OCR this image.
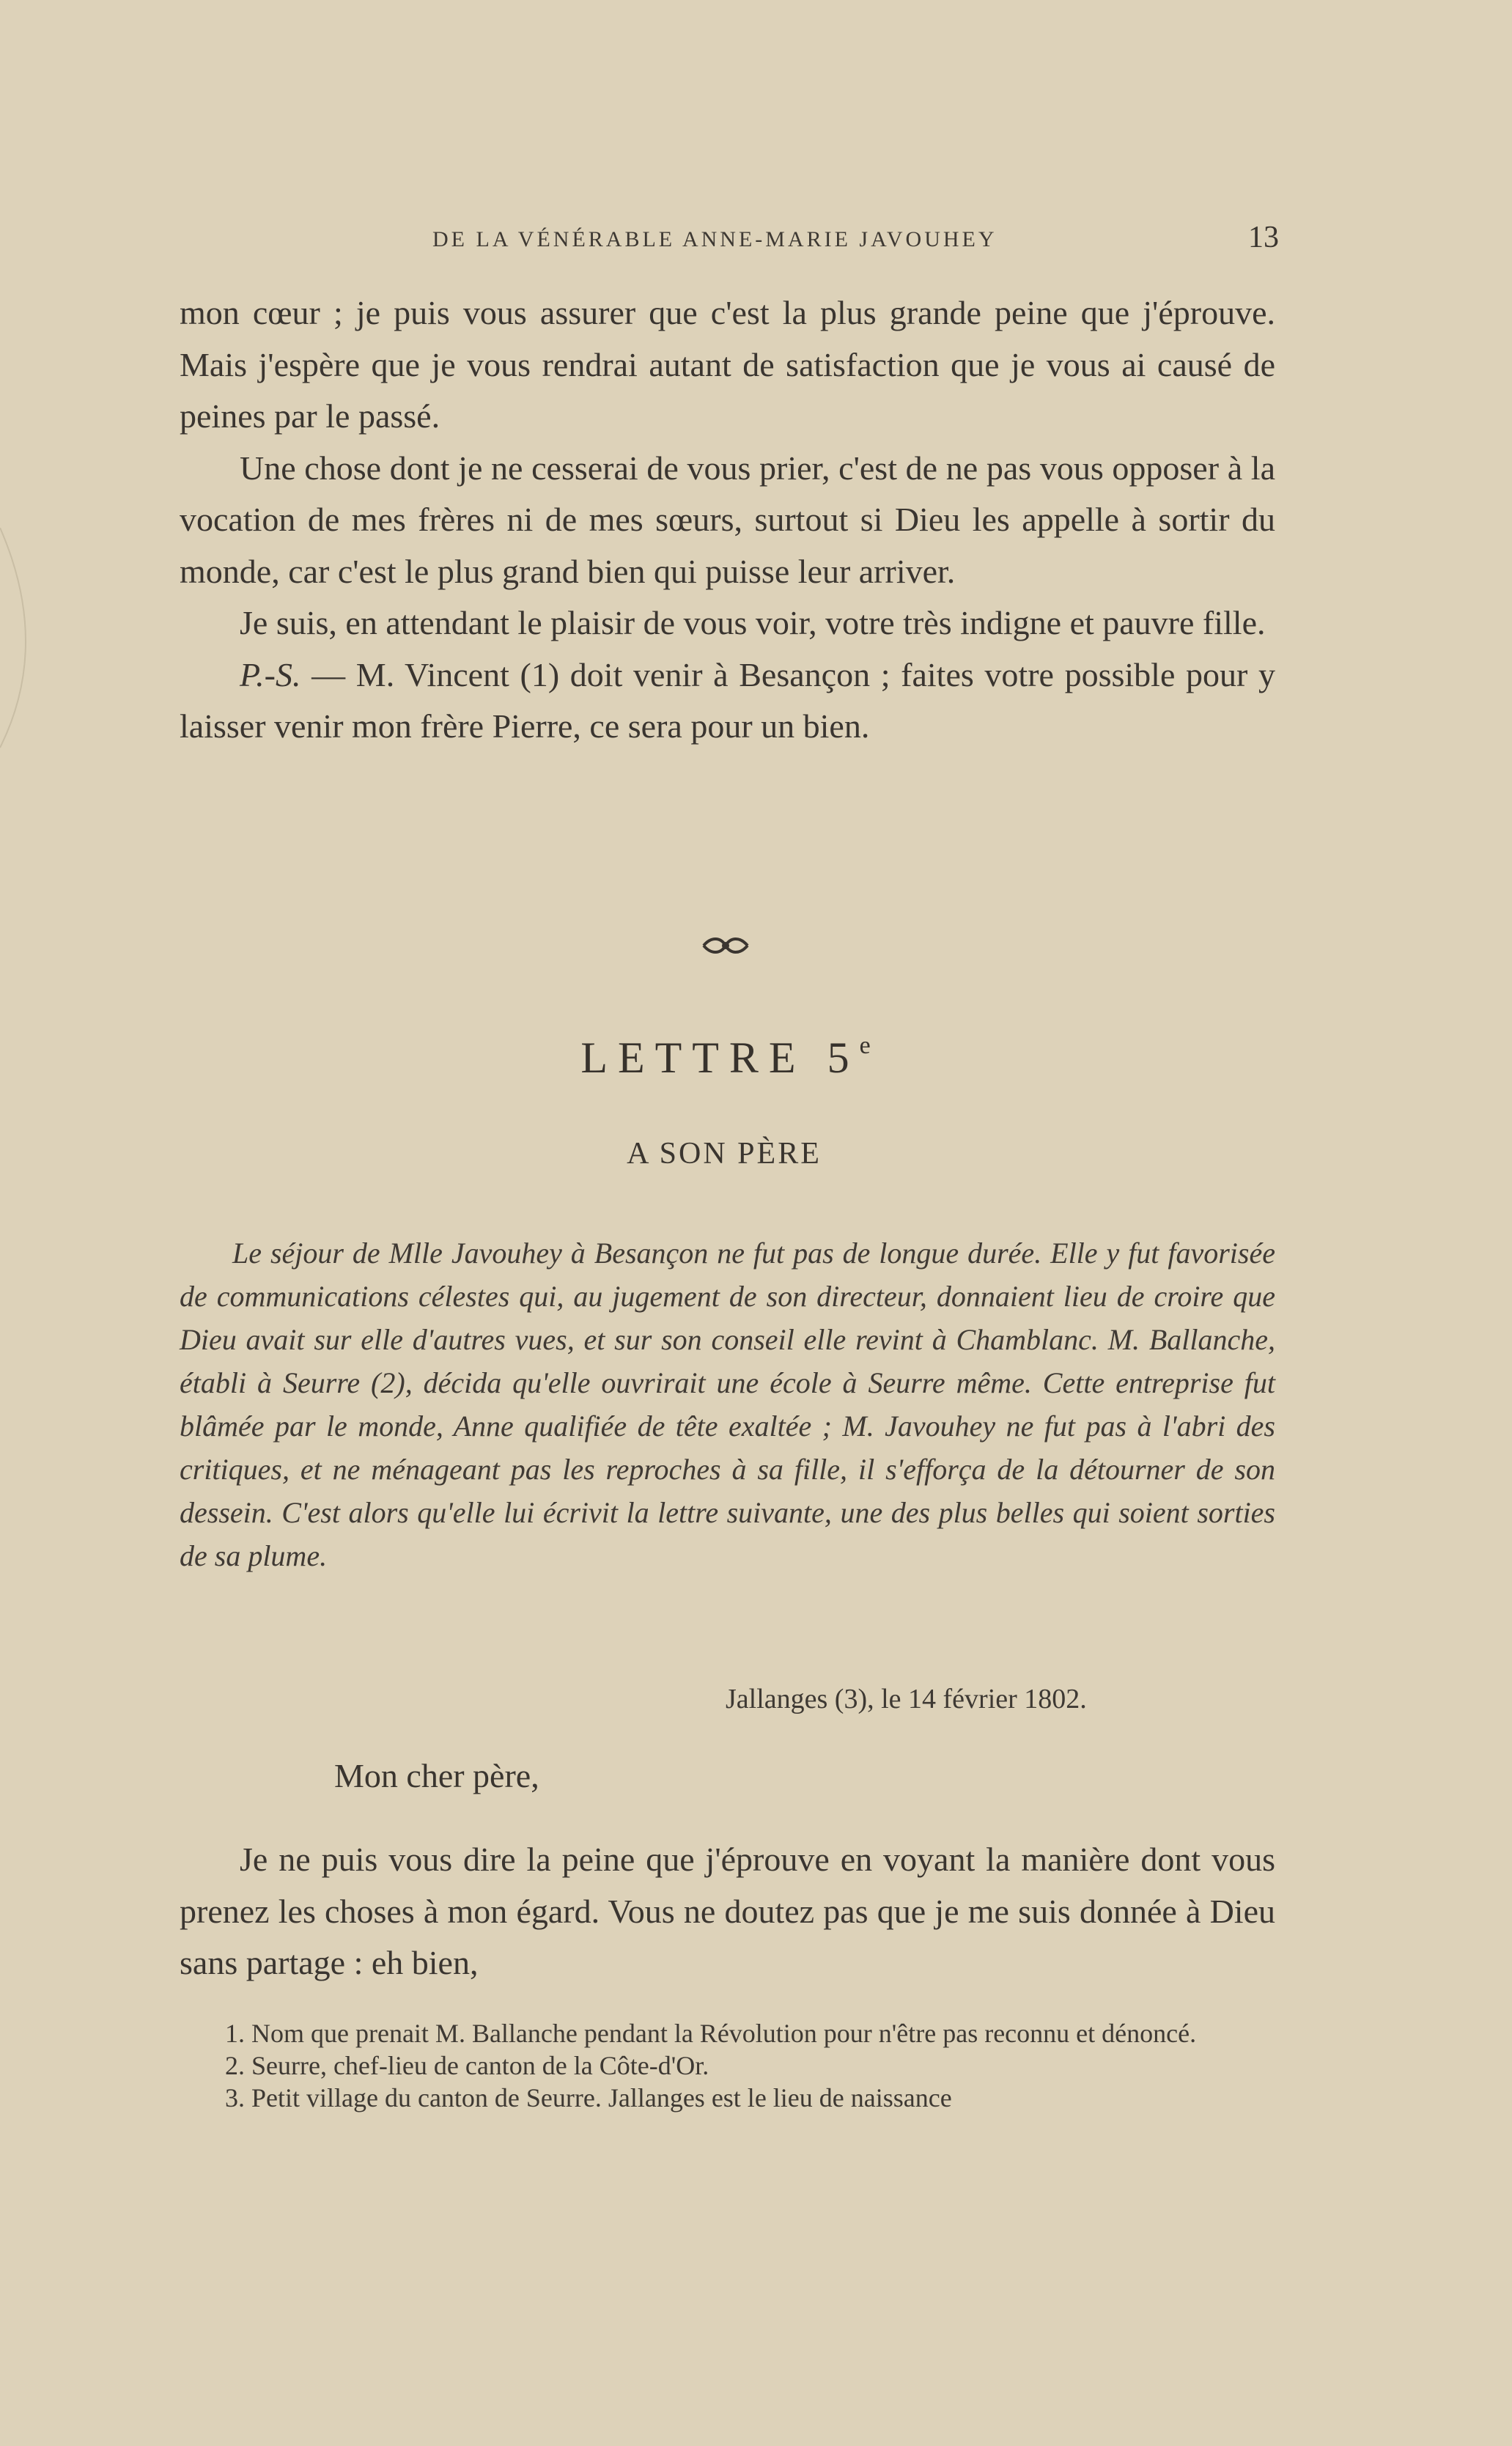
DE LA VÉNÉRABLE ANNE-MARIE JAVOUHEY	13

mon cœur ; je puis vous assurer que c'est la plus grande peine que j'éprouve. Mais j'espère que je vous rendrai autant de satisfaction que je vous ai causé de peines par le passé.

Une chose dont je ne cesserai de vous prier, c'est de ne pas vous opposer à la vocation de mes frères ni de mes sœurs, surtout si Dieu les appelle à sortir du monde, car c'est le plus grand bien qui puisse leur arriver.

Je suis, en attendant le plaisir de vous voir, votre très indigne et pauvre fille.

P.-S. — M. Vincent (1) doit venir à Besançon ; faites votre possible pour y laisser venir mon frère Pierre, ce sera pour un bien.

LETTRE 5e
A SON PÈRE

Le séjour de Mlle Javouhey à Besançon ne fut pas de longue durée. Elle y fut favorisée de communications célestes qui, au jugement de son directeur, donnaient lieu de croire que Dieu avait sur elle d'autres vues, et sur son conseil elle revint à Chamblanc. M. Ballanche, établi à Seurre (2), décida qu'elle ouvrirait une école à Seurre même. Cette entreprise fut blâmée par le monde, Anne qualifiée de tête exaltée ; M. Javouhey ne fut pas à l'abri des critiques, et ne ménageant pas les reproches à sa fille, il s'efforça de la détourner de son dessein. C'est alors qu'elle lui écrivit la lettre suivante, une des plus belles qui soient sorties de sa plume.

Jallanges (3), le 14 février 1802.
Mon cher père,

Je ne puis vous dire la peine que j'éprouve en voyant la manière dont vous prenez les choses à mon égard. Vous ne doutez pas que je me suis donnée à Dieu sans partage : eh bien,

1. Nom que prenait M. Ballanche pendant la Révolution pour n'être pas reconnu et dénoncé.

2. Seurre, chef-lieu de canton de la Côte-d'Or.

3. Petit village du canton de Seurre. Jallanges est le lieu de naissance
